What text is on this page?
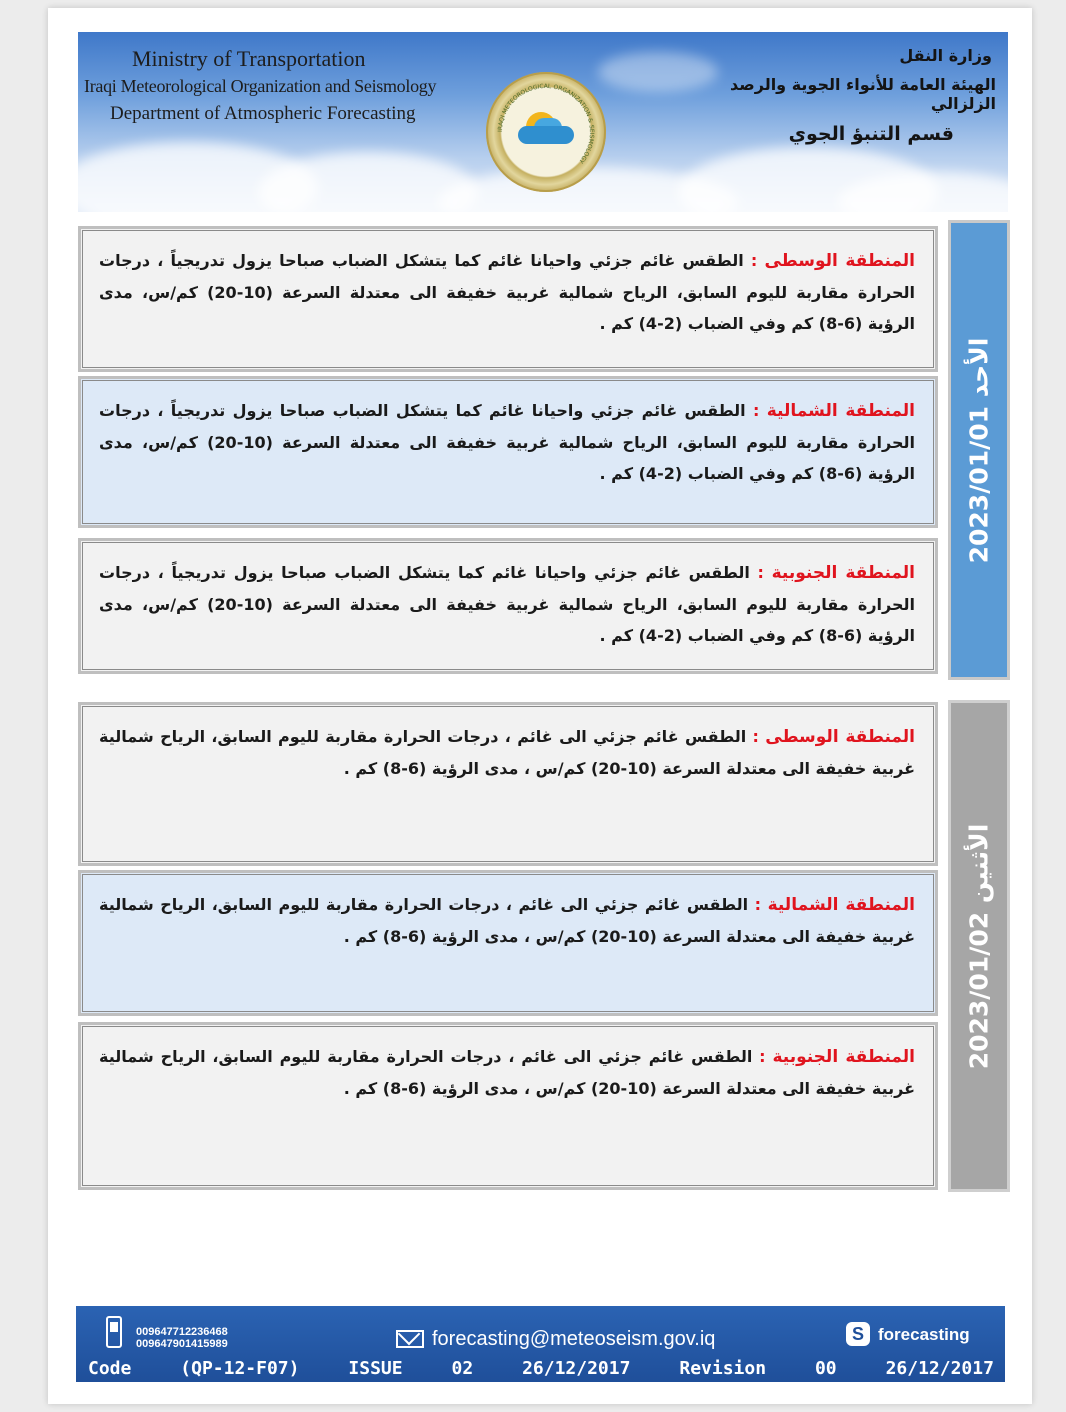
Ministry of Transportation
Iraqi Meteorological Organization and Seismology
Department of Atmospheric Forecasting
IRAQI METEOROLOGICAL ORGANIZATION & SEISMOLOGY
وزارة النقل
الهيئة العامة للأنواء الجوية والرصد الزلزالي
قسم التنبؤ الجوي
المنطقة الوسطى : الطقس غائم جزئي واحيانا غائم كما يتشكل الضباب صباحا يزول تدريجياً ، درجات الحرارة مقاربة لليوم السابق، الرياح شمالية غربية خفيفة الى معتدلة السرعة (10-20) كم/س، مدى الرؤية (6-8) كم وفي الضباب (2-4) كم .
المنطقة الشمالية : الطقس غائم جزئي واحيانا غائم كما يتشكل الضباب صباحا يزول تدريجياً ، درجات الحرارة مقاربة لليوم السابق، الرياح شمالية غربية خفيفة الى معتدلة السرعة (10-20) كم/س، مدى الرؤية (6-8) كم وفي الضباب (2-4) كم .
المنطقة الجنوبية : الطقس غائم جزئي واحيانا غائم كما يتشكل الضباب صباحا يزول تدريجياً ، درجات الحرارة مقاربة لليوم السابق، الرياح شمالية غربية خفيفة الى معتدلة السرعة (10-20) كم/س، مدى الرؤية (6-8) كم وفي الضباب (2-4) كم .
الأحد 2023/01/01
المنطقة الوسطى : الطقس غائم جزئي الى غائم ، درجات الحرارة مقاربة لليوم السابق، الرياح شمالية غربية خفيفة الى معتدلة السرعة (10-20) كم/س ، مدى الرؤية (6-8) كم .
المنطقة الشمالية : الطقس غائم جزئي الى غائم ، درجات الحرارة مقاربة لليوم السابق، الرياح شمالية غربية خفيفة الى معتدلة السرعة (10-20) كم/س ، مدى الرؤية (6-8) كم .
المنطقة الجنوبية : الطقس غائم جزئي الى غائم ، درجات الحرارة مقاربة لليوم السابق، الرياح شمالية غربية خفيفة الى معتدلة السرعة (10-20) كم/س ، مدى الرؤية (6-8) كم .
الأثنين 2023/01/02
009647712236468
009647901415989	forecasting@meteoseism.gov.iq	S forecasting
Code	(QP-12-F07)	ISSUE	02	26/12/2017	Revision	00	26/12/2017
